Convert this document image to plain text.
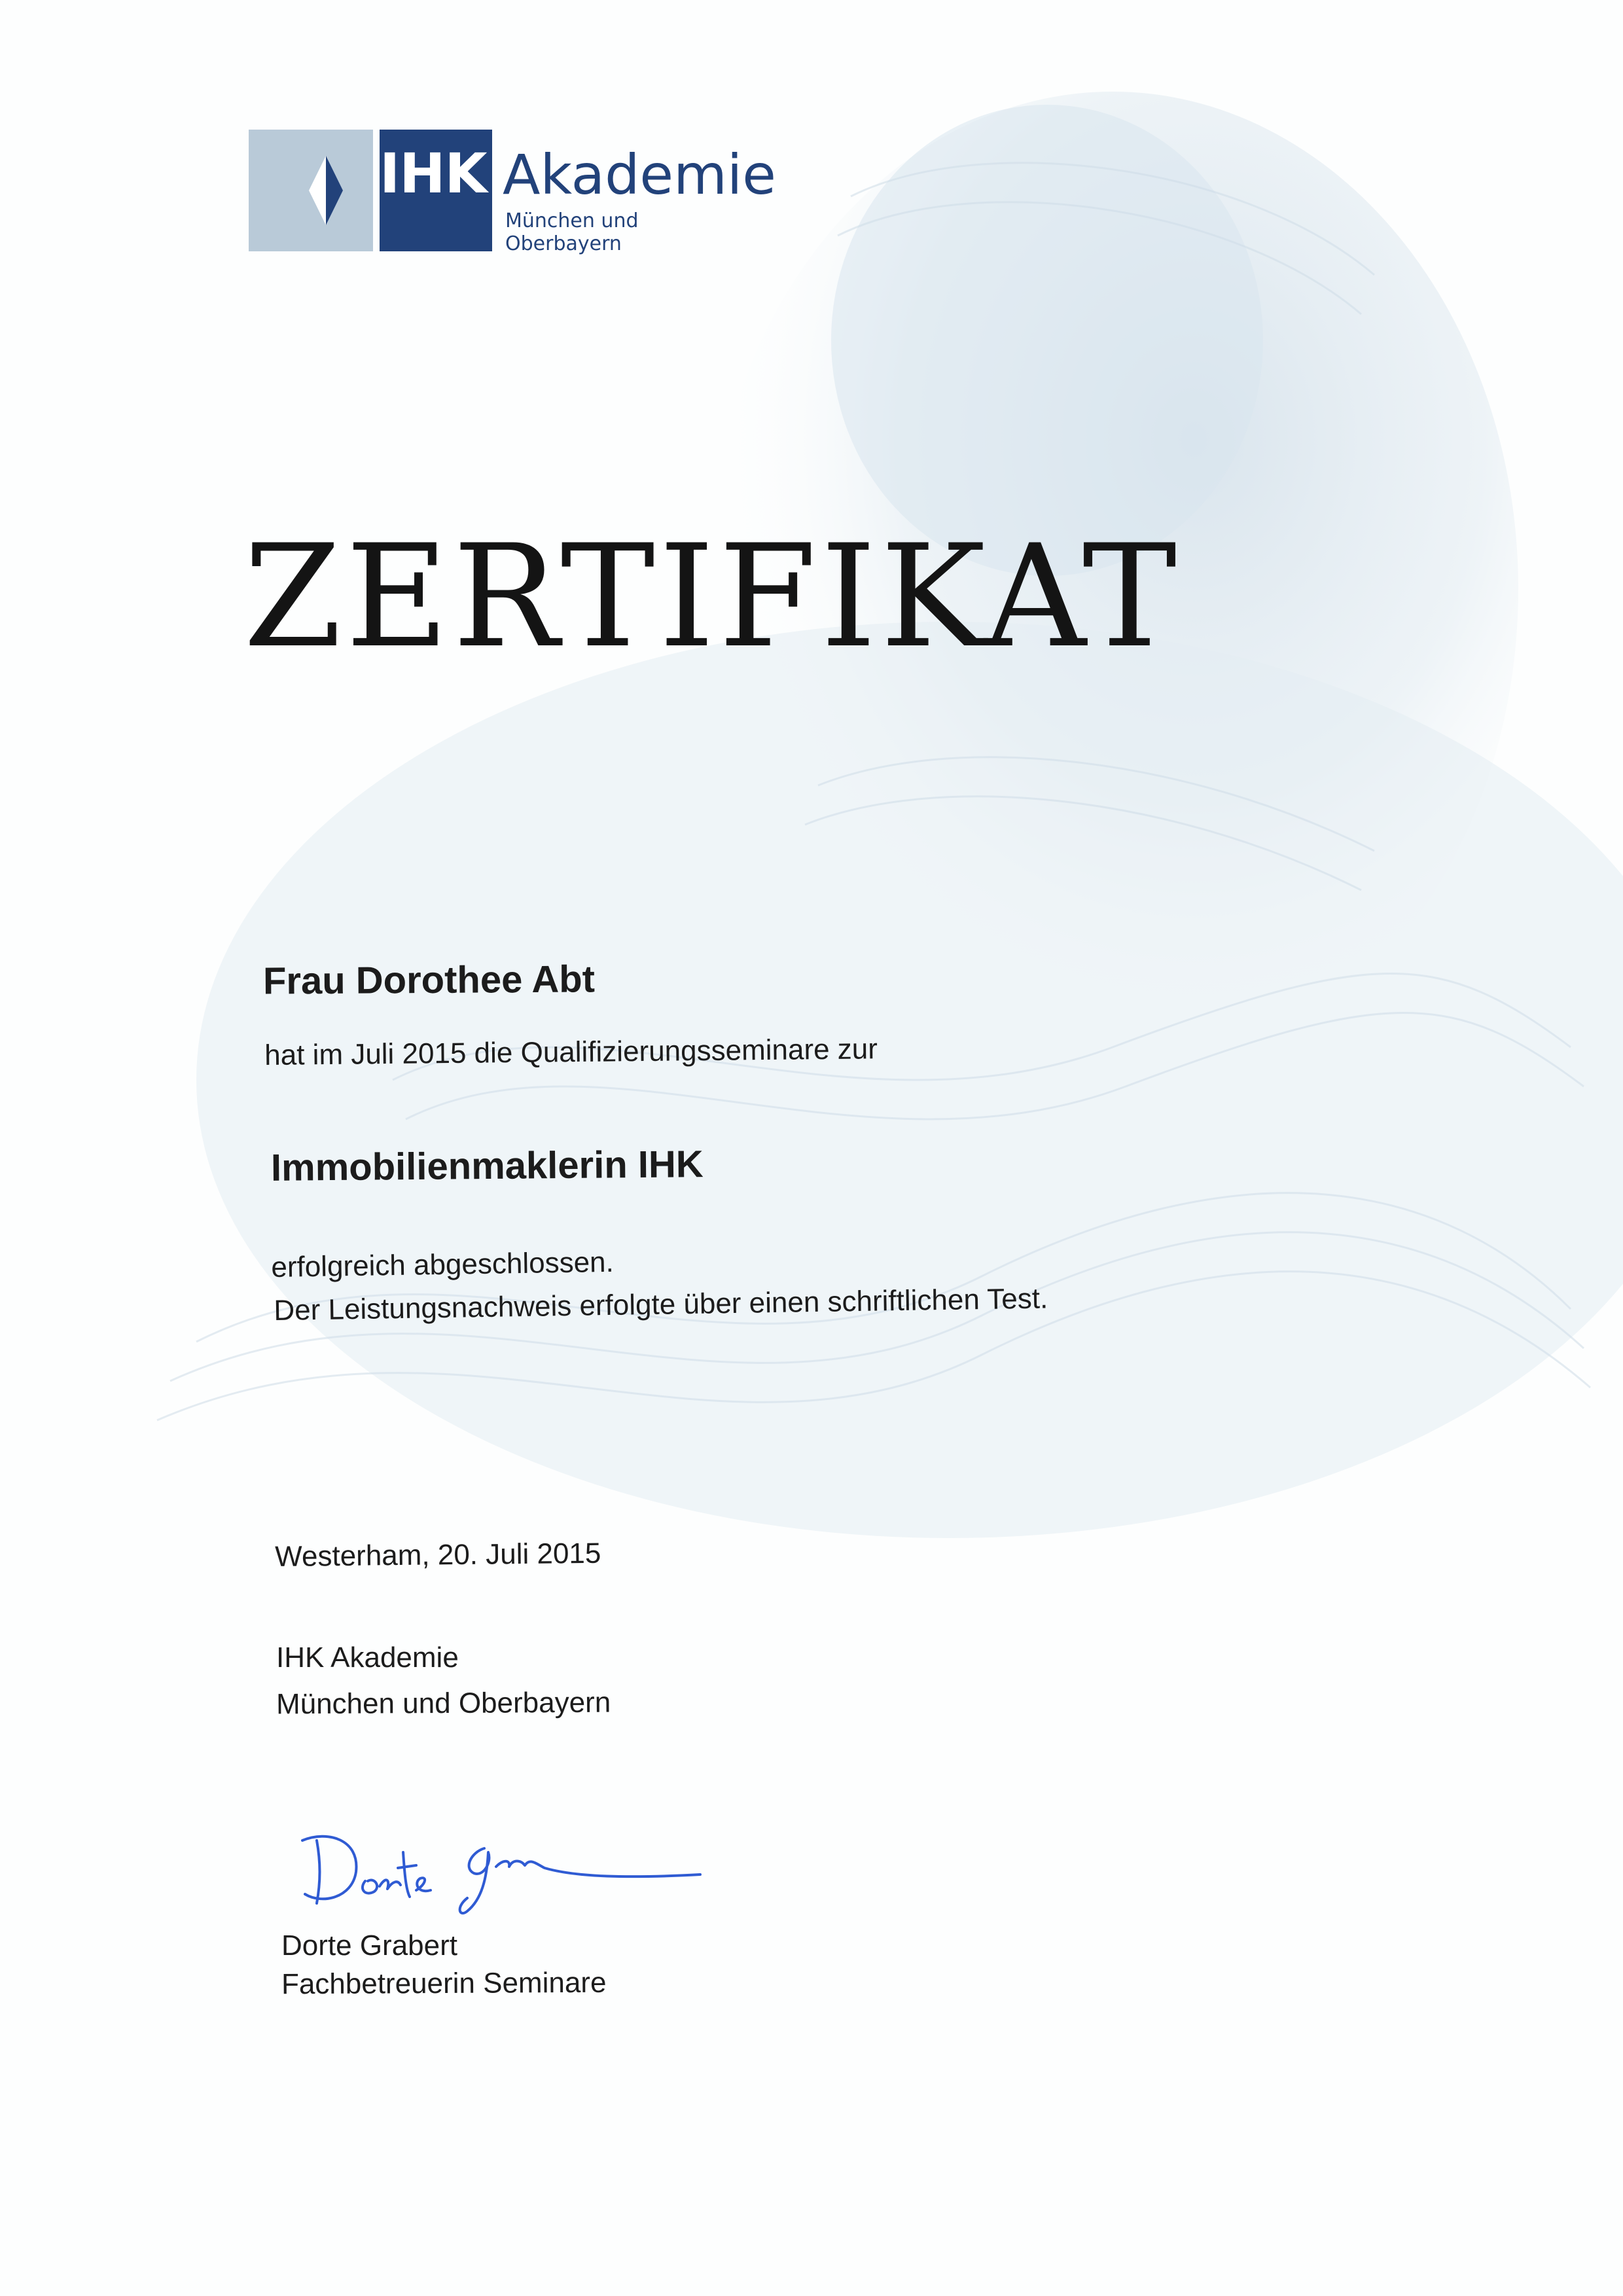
IHK Akademie
München und Oberbayern
ZERTIFIKAT
Frau Dorothee Abt
hat im Juli 2015 die Qualifizierungsseminare zur
Immobilienmaklerin IHK
erfolgreich abgeschlossen.
Der Leistungsnachweis erfolgte über einen schriftlichen Test.
Westerham, 20. Juli 2015
IHK Akademie
München und Oberbayern
Dorte Grabert
Fachbetreuerin Seminare
